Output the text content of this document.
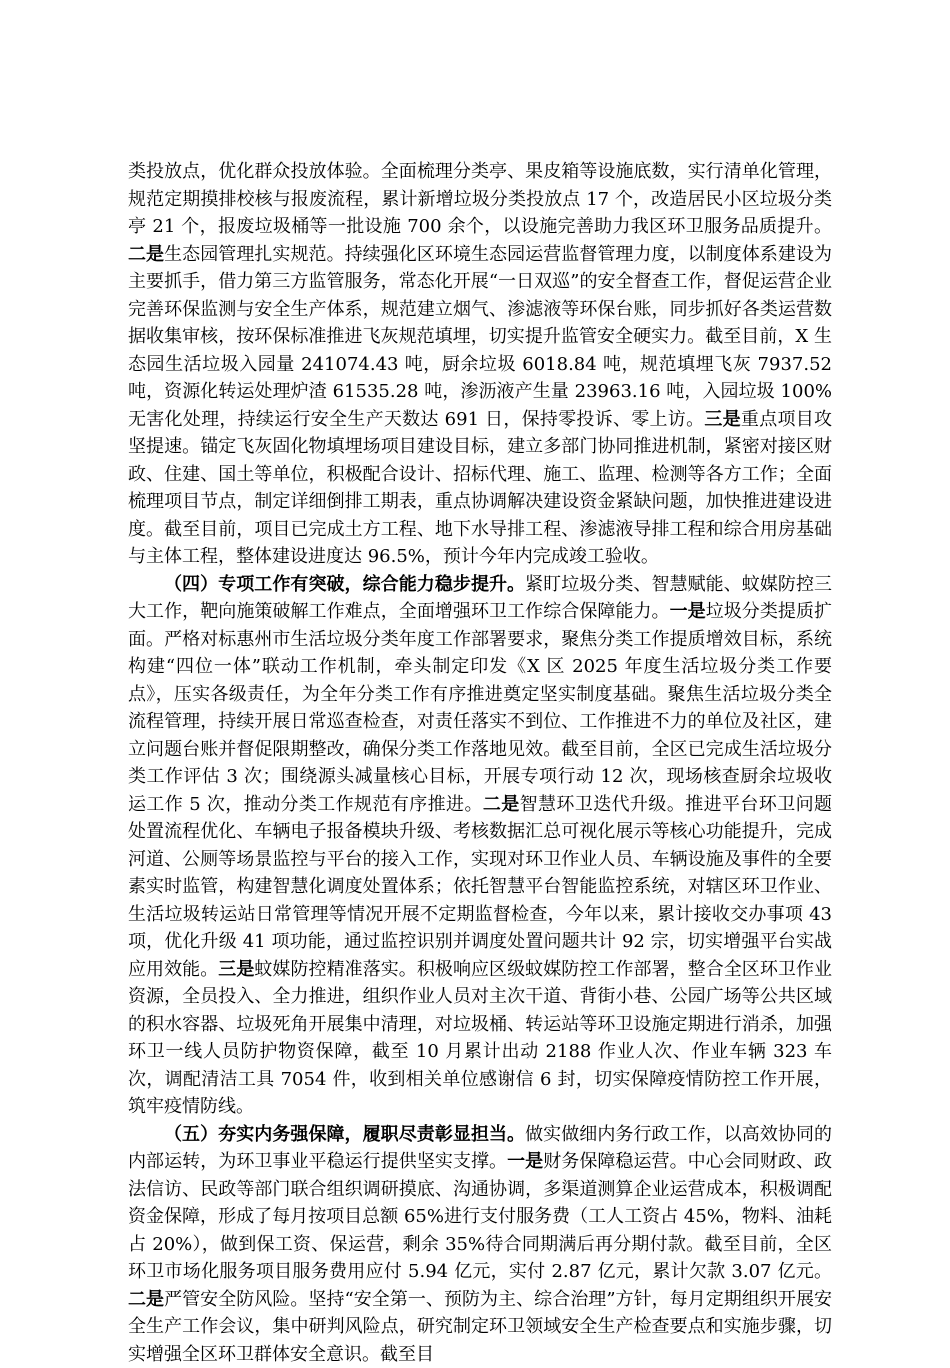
类投放点，优化群众投放体验。全面梳理分类亭、果皮箱等设施底数，实行清单化管理，规范定期摸排校核与报废流程，累计新增垃圾分类投放点 17 个，改造居民小区垃圾分类亭 21 个，报废垃圾桶等一批设施 700 余个，以设施完善助力我区环卫服务品质提升。二是生态园管理扎实规范。持续强化区环境生态园运营监督管理力度，以制度体系建设为主要抓手，借力第三方监管服务，常态化开展“一日双巡”的安全督查工作，督促运营企业完善环保监测与安全生产体系，规范建立烟气、渗滤液等环保台账，同步抓好各类运营数据收集审核，按环保标准推进飞灰规范填埋，切实提升监管安全硬实力。截至目前，X 生态园生活垃圾入园量 241074.43 吨，厨余垃圾 6018.84 吨，规范填埋飞灰 7937.52 吨，资源化转运处理炉渣 61535.28 吨，渗沥液产生量 23963.16 吨，入园垃圾 100%无害化处理，持续运行安全生产天数达 691 日，保持零投诉、零上访。三是重点项目攻坚提速。锚定飞灰固化物填埋场项目建设目标，建立多部门协同推进机制，紧密对接区财政、住建、国土等单位，积极配合设计、招标代理、施工、监理、检测等各方工作；全面梳理项目节点，制定详细倒排工期表，重点协调解决建设资金紧缺问题，加快推进建设进度。截至目前，项目已完成土方工程、地下水导排工程、渗滤液导排工程和综合用房基础与主体工程，整体建设进度达 96.5%，预计今年内完成竣工验收。

（四）专项工作有突破，综合能力稳步提升。紧盯垃圾分类、智慧赋能、蚊媒防控三大工作，靶向施策破解工作难点，全面增强环卫工作综合保障能力。一是垃圾分类提质扩面。严格对标惠州市生活垃圾分类年度工作部署要求，聚焦分类工作提质增效目标，系统构建“四位一体”联动工作机制，牵头制定印发《X 区 2025 年度生活垃圾分类工作要点》，压实各级责任，为全年分类工作有序推进奠定坚实制度基础。聚焦生活垃圾分类全流程管理，持续开展日常巡查检查，对责任落实不到位、工作推进不力的单位及社区，建立问题台账并督促限期整改，确保分类工作落地见效。截至目前，全区已完成生活垃圾分类工作评估 3 次；围绕源头减量核心目标，开展专项行动 12 次，现场核查厨余垃圾收运工作 5 次，推动分类工作规范有序推进。二是智慧环卫迭代升级。推进平台环卫问题处置流程优化、车辆电子报备模块升级、考核数据汇总可视化展示等核心功能提升，完成河道、公厕等场景监控与平台的接入工作，实现对环卫作业人员、车辆设施及事件的全要素实时监管，构建智慧化调度处置体系；依托智慧平台智能监控系统，对辖区环卫作业、生活垃圾转运站日常管理等情况开展不定期监督检查，今年以来，累计接收交办事项 43 项，优化升级 41 项功能，通过监控识别并调度处置问题共计 92 宗，切实增强平台实战应用效能。三是蚊媒防控精准落实。积极响应区级蚊媒防控工作部署，整合全区环卫作业资源，全员投入、全力推进，组织作业人员对主次干道、背街小巷、公园广场等公共区域的积水容器、垃圾死角开展集中清理，对垃圾桶、转运站等环卫设施定期进行消杀，加强环卫一线人员防护物资保障，截至 10 月累计出动 2188 作业人次、作业车辆 323 车次，调配清洁工具 7054 件，收到相关单位感谢信 6 封，切实保障疫情防控工作开展，筑牢疫情防线。

（五）夯实内务强保障，履职尽责彰显担当。做实做细内务行政工作，以高效协同的内部运转，为环卫事业平稳运行提供坚实支撑。一是财务保障稳运营。中心会同财政、政法信访、民政等部门联合组织调研摸底、沟通协调，多渠道测算企业运营成本，积极调配资金保障，形成了每月按项目总额 65%进行支付服务费（工人工资占 45%，物料、油耗占 20%），做到保工资、保运营，剩余 35%待合同期满后再分期付款。截至目前，全区环卫市场化服务项目服务费用应付 5.94 亿元，实付 2.87 亿元，累计欠款 3.07 亿元。二是严管安全防风险。坚持“安全第一、预防为主、综合治理”方针，每月定期组织开展安全生产工作会议，集中研判风险点，研究制定环卫领域安全生产检查要点和实施步骤，切实增强全区环卫群体安全意识。截至目
